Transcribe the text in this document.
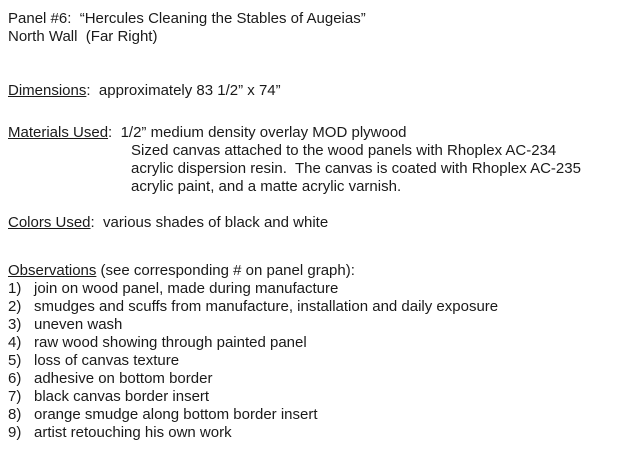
Panel #6:  “Hercules Cleaning the Stables of Augeias”
North Wall  (Far Right)
Dimensions:  approximately 83 1/2” x 74”
Materials Used:  1/2” medium density overlay MOD plywood
Sized canvas attached to the wood panels with Rhoplex AC-234
acrylic dispersion resin.  The canvas is coated with Rhoplex AC-235
acrylic paint, and a matte acrylic varnish.
Colors Used:  various shades of black and white
Observations (see corresponding # on panel graph):
1) join on wood panel, made during manufacture
2) smudges and scuffs from manufacture, installation and daily exposure
3) uneven wash
4) raw wood showing through painted panel
5) loss of canvas texture
6) adhesive on bottom border
7) black canvas border insert
8) orange smudge along bottom border insert
9) artist retouching his own work
